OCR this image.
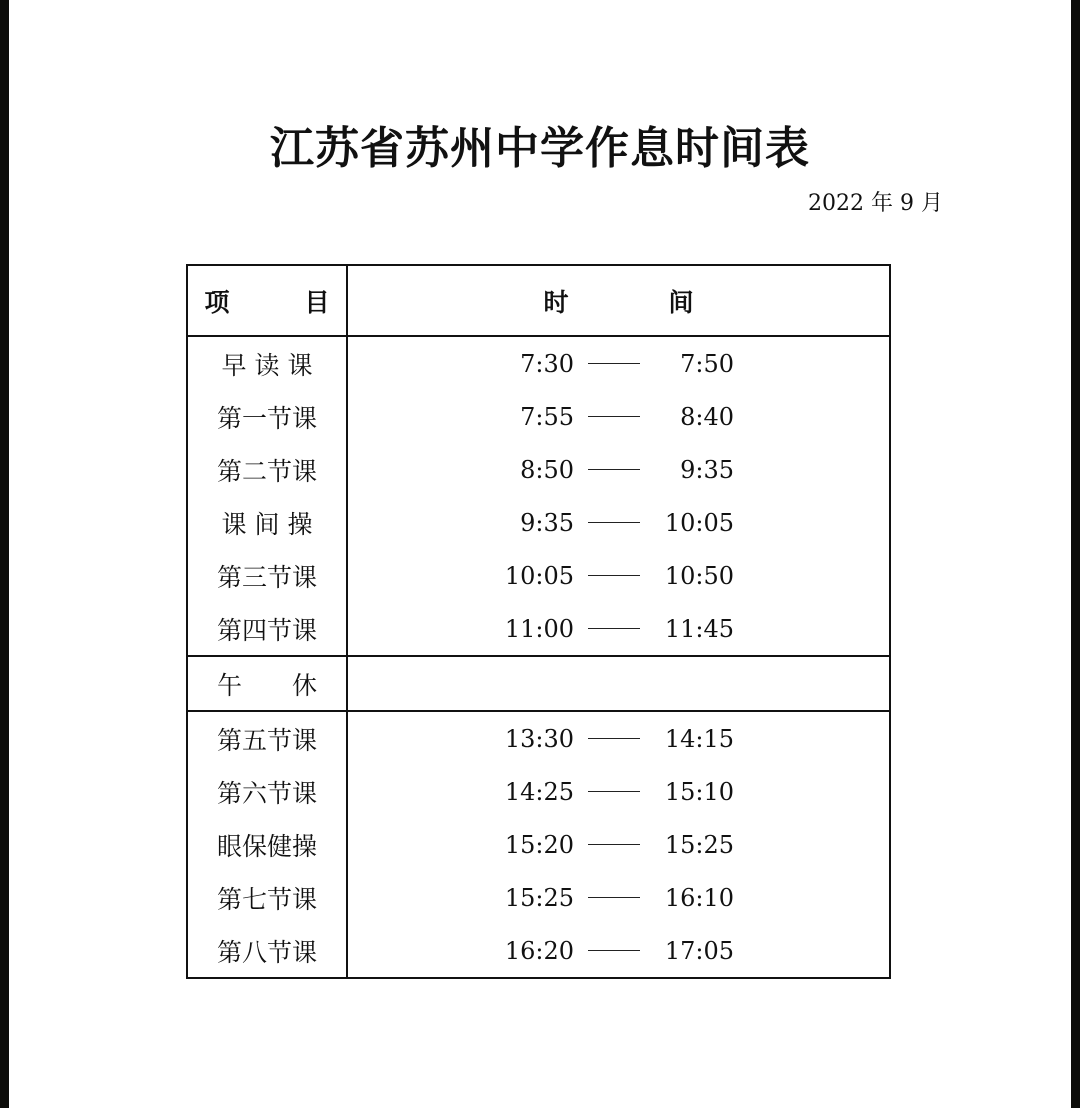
江苏省苏州中学作息时间表
2022 年 9 月
项　　　目	时　　　　间
早 读 课	7:30	7:50
第一节课	7:55	8:40
第二节课	8:50	9:35
课 间 操	9:35	10:05
第三节课	10:05	10:50
第四节课	11:00	11:45
午　　休
第五节课	13:30	14:15
第六节课	14:25	15:10
眼保健操	15:20	15:25
第七节课	15:25	16:10
第八节课	16:20	17:05
